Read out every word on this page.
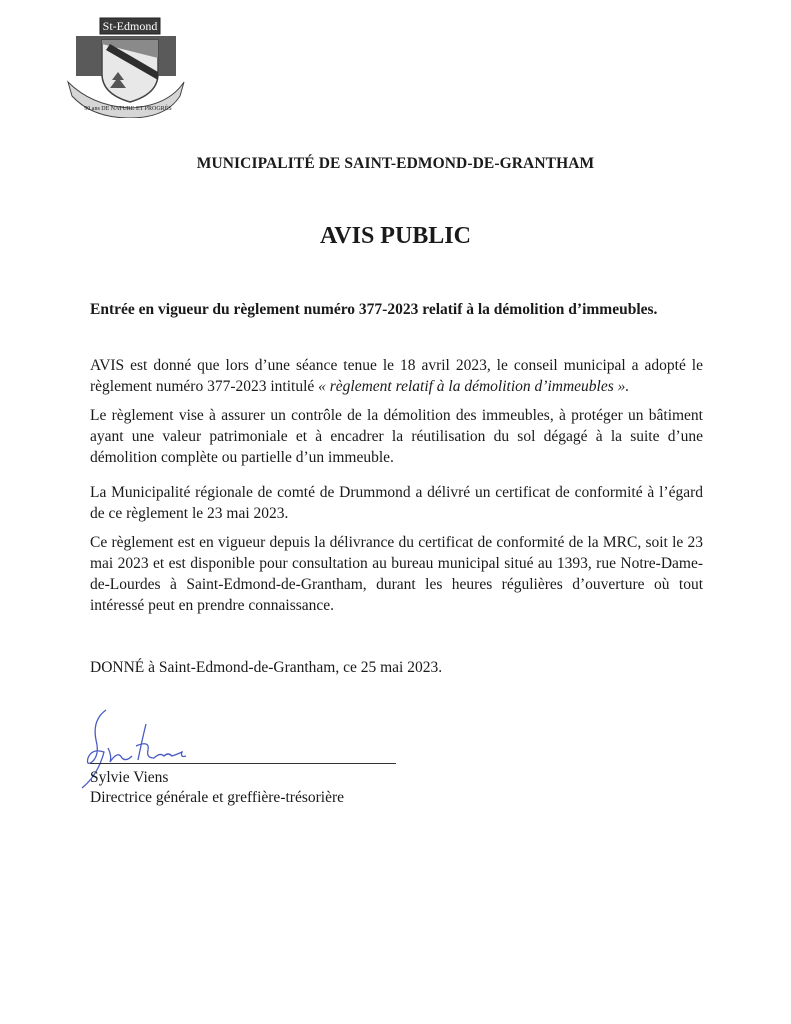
St-Edmond
90 ans DE NATURE ET PROGRÈS
MUNICIPALITÉ DE SAINT-EDMOND-DE-GRANTHAM
AVIS PUBLIC
Entrée en vigueur du règlement numéro 377-2023 relatif à la démolition d’immeubles.
AVIS est donné que lors d’une séance tenue le 18 avril 2023, le conseil municipal a adopté le règlement numéro 377-2023 intitulé « règlement relatif à la démolition d’immeubles ».
Le règlement vise à assurer un contrôle de la démolition des immeubles, à protéger un bâtiment ayant une valeur patrimoniale et à encadrer la réutilisation du sol dégagé à la suite d’une démolition complète ou partielle d’un immeuble.
La Municipalité régionale de comté de Drummond a délivré un certificat de conformité à l’égard de ce règlement le 23 mai 2023.
Ce règlement est en vigueur depuis la délivrance du certificat de conformité de la MRC, soit le 23 mai 2023 et est disponible pour consultation au bureau municipal situé au 1393, rue Notre-Dame-de-Lourdes à Saint-Edmond-de-Grantham, durant les heures régulières d’ouverture où tout intéressé peut en prendre connaissance.
DONNÉ à Saint-Edmond-de-Grantham, ce 25 mai 2023.
Sylvie Viens
Directrice générale et greffière-trésorière
